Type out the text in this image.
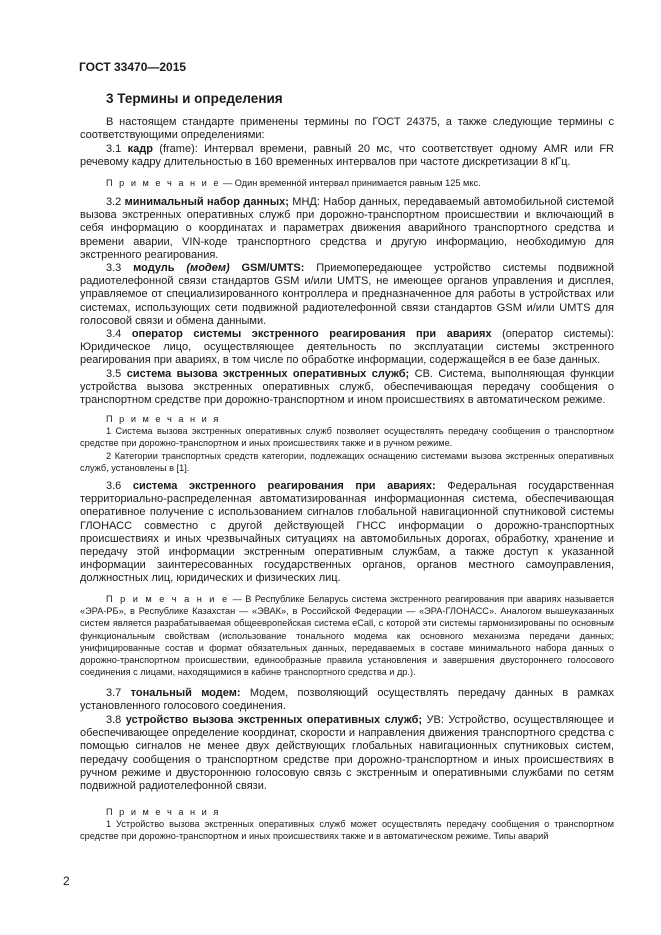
ГОСТ 33470—2015
3 Термины и определения
В настоящем стандарте применены термины по ГОСТ 24375, а также следующие термины с соответствующими определениями:
3.1 кадр (frame): Интервал времени, равный 20 мс, что соответствует одному AMR или FR речевому кадру длительностью в 160 временных интервалов при частоте дискретизации 8 кГц.
П р и м е ч а н и е — Один временнóй интервал принимается равным 125 мкс.
3.2 минимальный набор данных; МНД: Набор данных, передаваемый автомобильной системой вызова экстренных оперативных служб при дорожно-транспортном происшествии и включающий в себя информацию о координатах и параметрах движения аварийного транспортного средства и времени аварии, VIN-коде транспортного средства и другую информацию, необходимую для экстренного реагирования.
3.3 модуль (модем) GSM/UMTS: Приемопередающее устройство системы подвижной радиотелефонной связи стандартов GSM и/или UMTS, не имеющее органов управления и дисплея, управляемое от специализированного контроллера и предназначенное для работы в устройствах или системах, использующих сети подвижной радиотелефонной связи стандартов GSM и/или UMTS для голосовой связи и обмена данными.
3.4 оператор системы экстренного реагирования при авариях (оператор системы): Юридическое лицо, осуществляющее деятельность по эксплуатации системы экстренного реагирования при авариях, в том числе по обработке информации, содержащейся в ее базе данных.
3.5 система вызова экстренных оперативных служб; СВ. Система, выполняющая функции устройства вызова экстренных оперативных служб, обеспечивающая передачу сообщения о транспортном средстве при дорожно-транспортном и ином происшествиях в автоматическом режиме.
П р и м е ч а н и я
1 Система вызова экстренных оперативных служб позволяет осуществлять передачу сообщения о транспортном средстве при дорожно-транспортном и иных происшествиях также и в ручном режиме.
2 Категории транспортных средств категории, подлежащих оснащению системами вызова экстренных оперативных служб, установлены в [1].
3.6 система экстренного реагирования при авариях: Федеральная государственная территориально-распределенная автоматизированная информационная система, обеспечивающая оперативное получение с использованием сигналов глобальной навигационной спутниковой системы ГЛОНАСС совместно с другой действующей ГНСС информации о дорожно-транспортных происшествиях и иных чрезвычайных ситуациях на автомобильных дорогах, обработку, хранение и передачу этой информации экстренным оперативным службам, а также доступ к указанной информации заинтересованных государственных органов, органов местного самоуправления, должностных лиц, юридических и физических лиц.
П р и м е ч а н и е — В Республике Беларусь система экстренного реагирования при авариях называется «ЭРА-РБ», в Республике Казахстан — «ЭВАК», в Российской Федерации — «ЭРА-ГЛОНАСС». Аналогом вышеуказанных систем является разрабатываемая общеевропейская система eCall, с которой эти системы гармонизированы по основным функциональным свойствам (использование тонального модема как основного механизма передачи данных; унифицированные состав и формат обязательных данных, передаваемых в составе минимального набора данных о дорожно-транспортном происшествии, единообразные правила установления и завершения двустороннего голосового соединения с лицами, находящимися в кабине транспортного средства и др.).
3.7 тональный модем: Модем, позволяющий осуществлять передачу данных в рамках установленного голосового соединения.
3.8 устройство вызова экстренных оперативных служб; УВ: Устройство, осуществляющее и обеспечивающее определение координат, скорости и направления движения транспортного средства с помощью сигналов не менее двух действующих глобальных навигационных спутниковых систем, передачу сообщения о транспортном средстве при дорожно-транспортном и иных происшествиях в ручном режиме и двустороннюю голосовую связь с экстренным и оперативными службами по сетям подвижной радиотелефонной связи.
П р и м е ч а н и я
1 Устройство вызова экстренных оперативных служб может осуществлять передачу сообщения о транспортном средстве при дорожно-транспортном и иных происшествиях также и в автоматическом режиме. Типы аварий
2
